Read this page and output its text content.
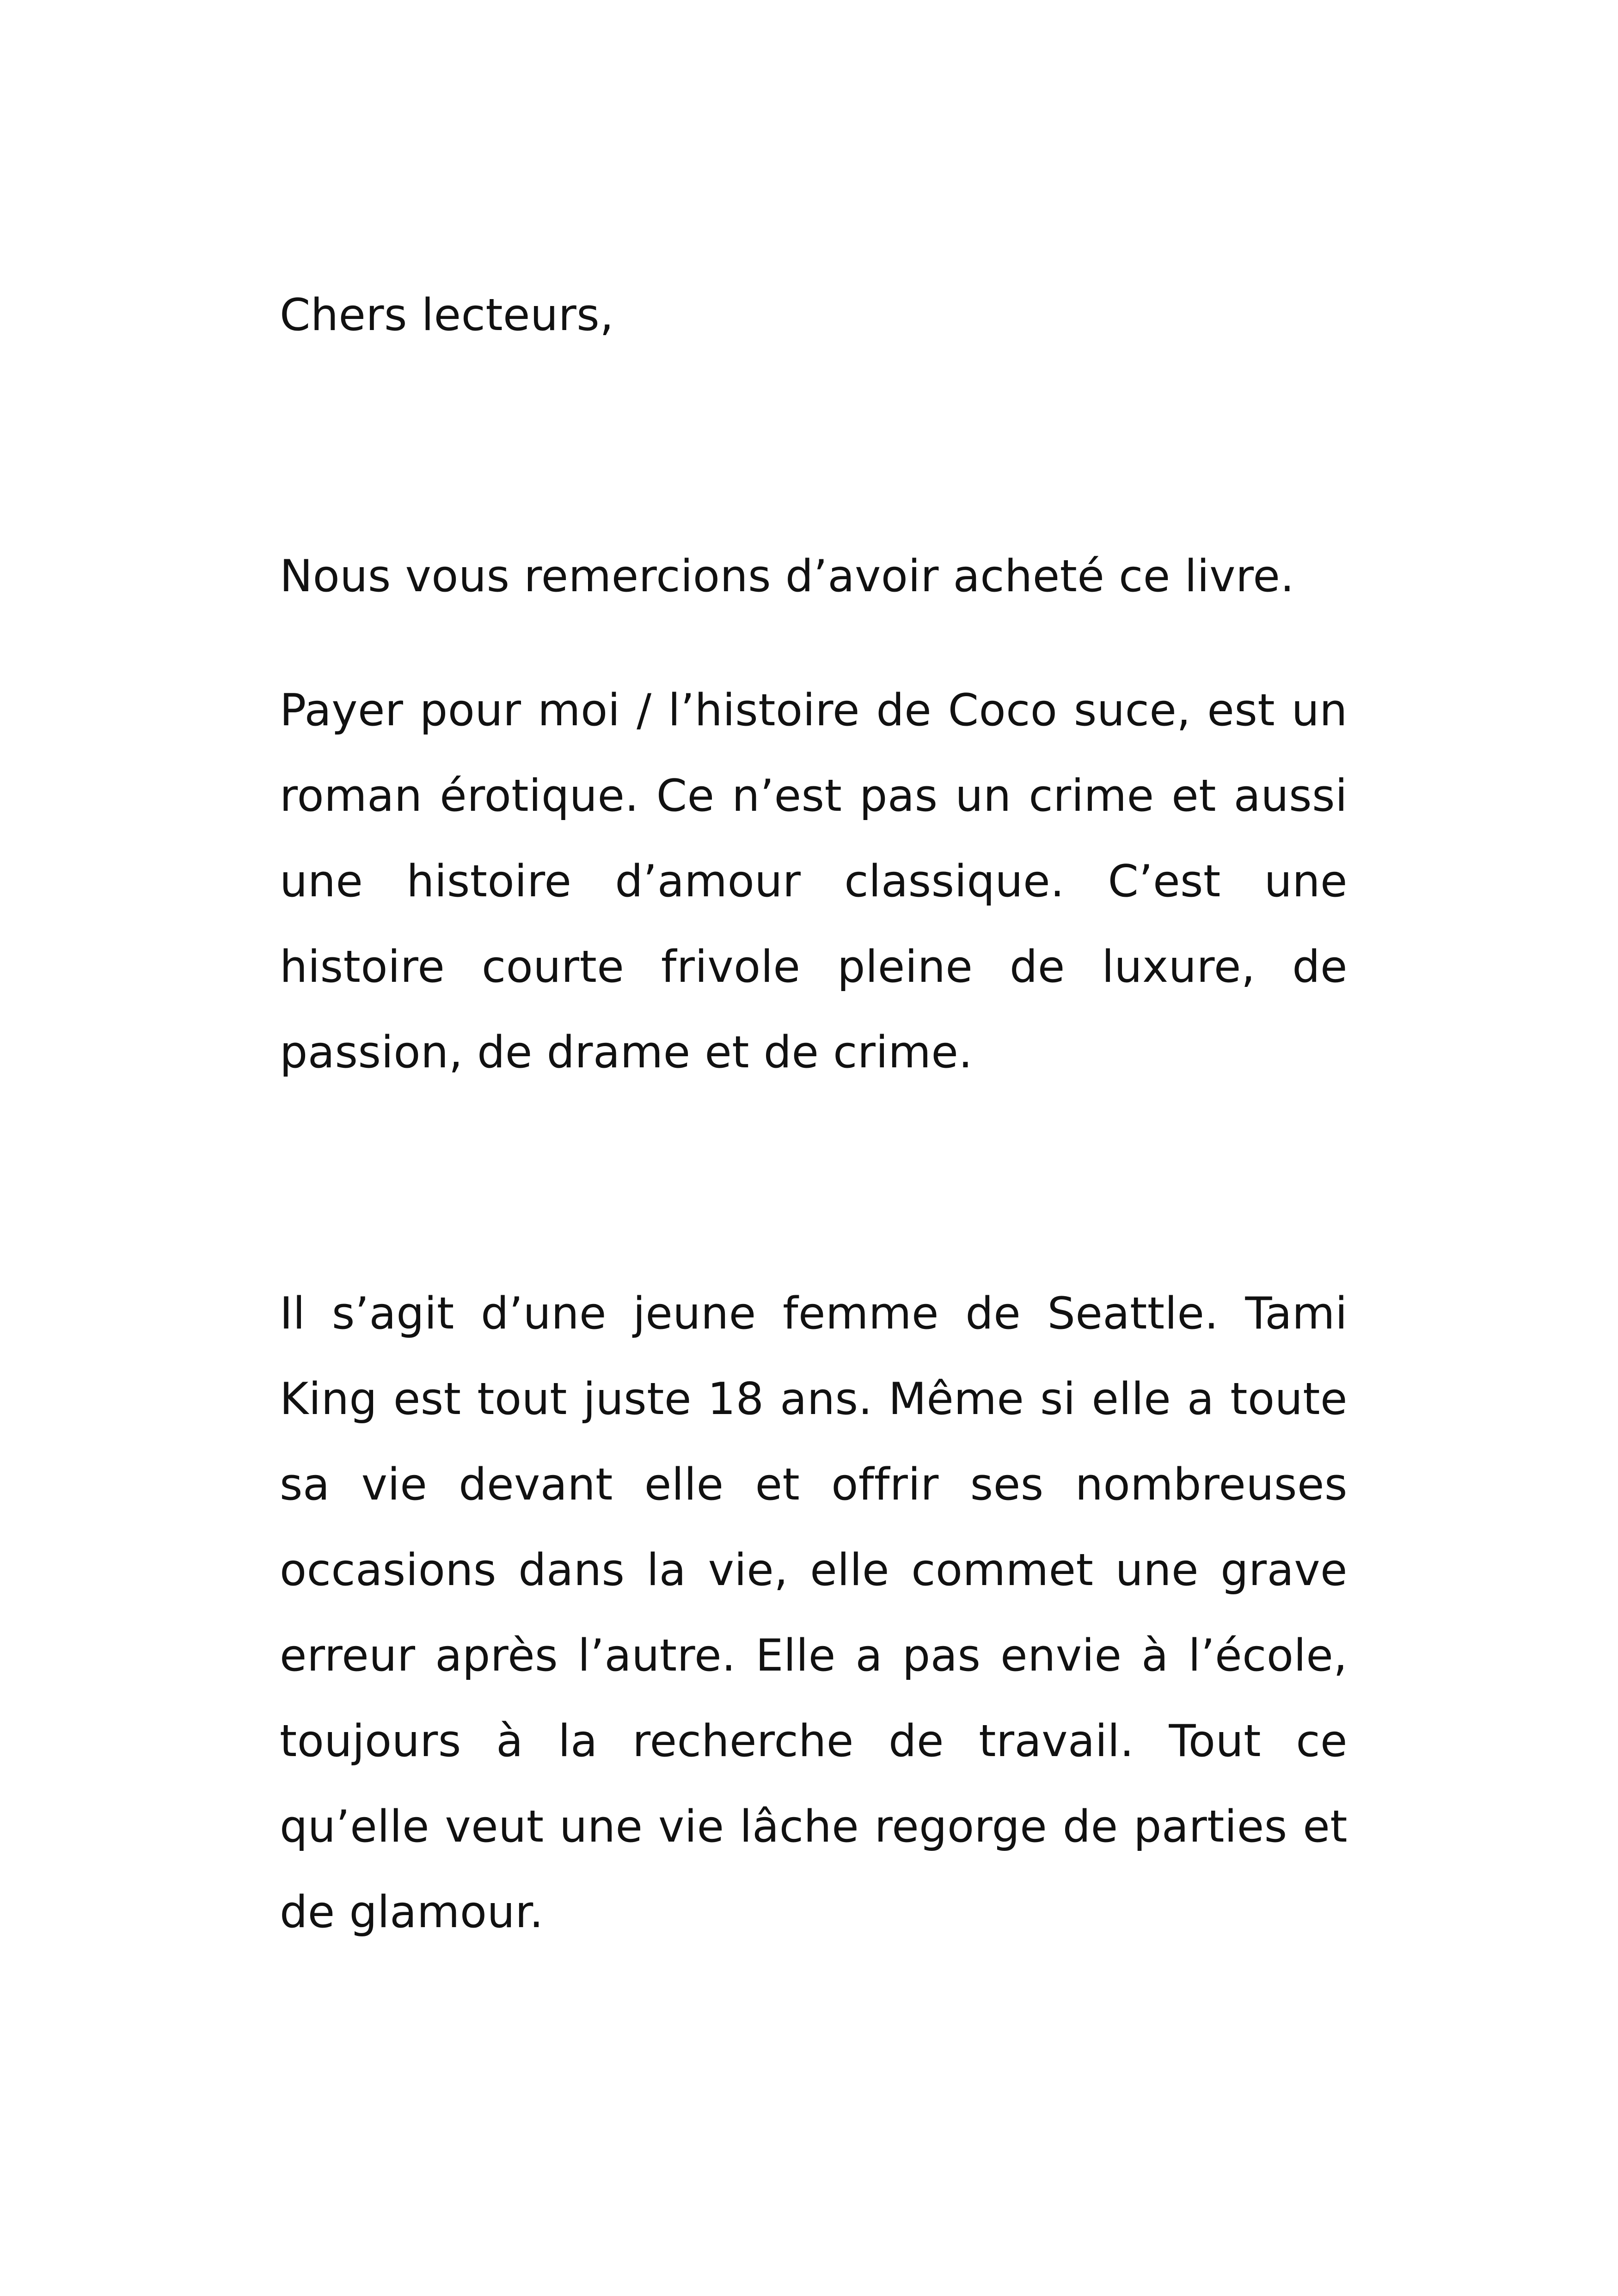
Chers lecteurs,
Nous vous remercions d’avoir acheté ce livre.
Payer pour moi / l’histoire de Coco suce, est un roman érotique. Ce n’est pas un crime et aussi une histoire d’amour classique. C’est une histoire courte frivole pleine de luxure, de passion, de drame et de crime.
Il s’agit d’une jeune femme de Seattle. Tami King est tout juste 18 ans. Même si elle a toute sa vie devant elle et offrir ses nombreuses occasions dans la vie, elle commet une grave erreur après l’autre. Elle a pas envie à l’école, toujours à la recherche de travail. Tout ce qu’elle veut une vie lâche regorge de parties et de glamour.
